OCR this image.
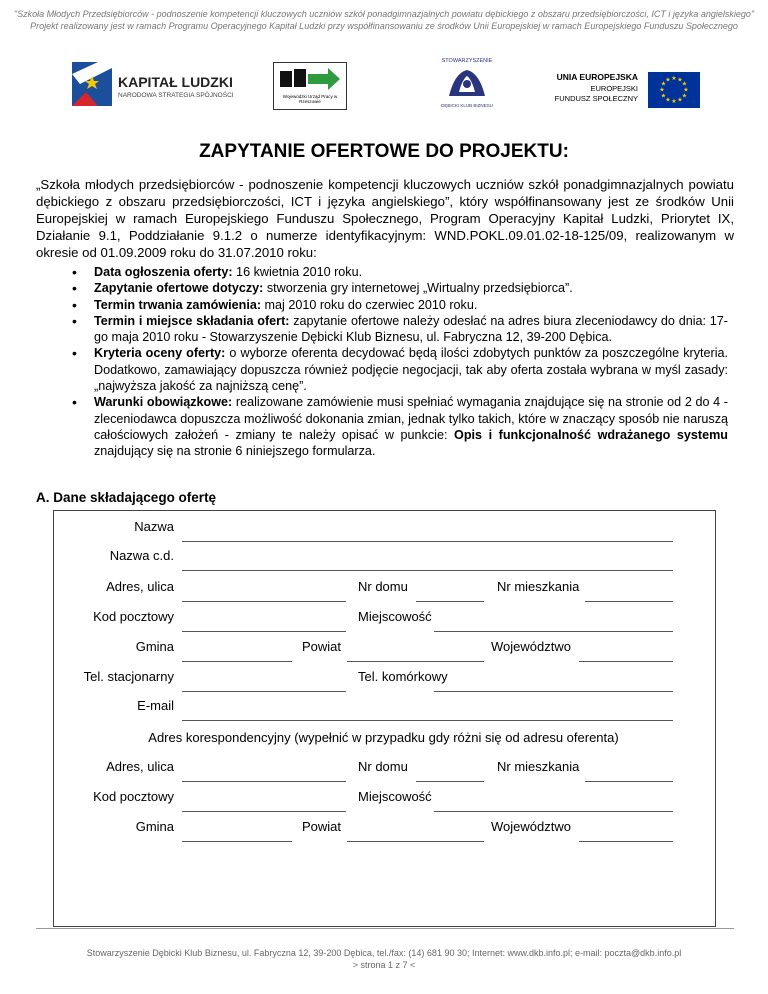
"Szkoła Młodych Przedsiębiorców - podnoszenie kompetencji kluczowych uczniów szkół ponadgimnazjalnych powiatu dębickiego z obszaru przedsiębiorczości, ICT i języka angielskiego"
Projekt realizowany jest w ramach Programu Operacyjnego Kapitał Ludzki przy współfinansowaniu ze środków Unii Europejskiej w ramach Europejskiego Funduszu Społecznego
KAPITAŁ LUDZKI
NARODOWA STRATEGIA SPÓJNOŚCI	Wojewódzki Urząd Pracy w Rzeszowie
STOWARZYSZENIE
DĘBICKI KLUB BIZNESU
UNIA EUROPEJSKA
EUROPEJSKI
FUNDUSZ SPOŁECZNY
★ ★
★
★
★
★
★
★
★
★
★
★
ZAPYTANIE OFERTOWE DO PROJEKTU:

„Szkoła młodych przedsiębiorców - podnoszenie kompetencji kluczowych uczniów szkół ponadgimnazjalnych powiatu dębickiego z obszaru przedsiębiorczości, ICT i języka angielskiego”, który współfinansowany jest ze środków Unii Europejskiej w ramach Europejskiego Funduszu Społecznego, Program Operacyjny Kapitał Ludzki, Priorytet IX, Działanie 9.1, Poddziałanie 9.1.2 o numerze identyfikacyjnym: WND.POKL.09.01.02-18-125/09, realizowanym w okresie od 01.09.2009 roku do 31.07.2010 roku:

• Data ogłoszenia oferty: 16 kwietnia 2010 roku.
• Zapytanie ofertowe dotyczy: stworzenia gry internetowej „Wirtualny przedsiębiorca”.
• Termin trwania zamówienia: maj 2010 roku do czerwiec 2010 roku.
• Termin i miejsce składania ofert: zapytanie ofertowe należy odesłać na adres biura zleceniodawcy do dnia: 17-go maja 2010 roku - Stowarzyszenie Dębicki Klub Biznesu, ul. Fabryczna 12, 39-200 Dębica.
• Kryteria oceny oferty: o wyborze oferenta decydować będą ilości zdobytych punktów za poszczególne kryteria. Dodatkowo, zamawiający dopuszcza również podjęcie negocjacji, tak aby oferta została wybrana w myśl zasady: „najwyższa jakość za najniższą cenę”.
• Warunki obowiązkowe: realizowane zamówienie musi spełniać wymagania znajdujące się na stronie od 2 do 4 - zleceniodawca dopuszcza możliwość dokonania zmian, jednak tylko takich, które w znaczący sposób nie naruszą całościowych założeń - zmiany te należy opisać w punkcie: Opis i funkcjonalność wdrażanego systemu znajdujący się na stronie 6 niniejszego formularza.
A. Dane składającego ofertę
Nazwa
Nazwa c.d.
Adres, ulica	Nr domu	Nr mieszkania
Kod pocztowy	Miejscowość
Gmina	Powiat	Województwo
Tel. stacjonarny	Tel. komórkowy
E-mail
Adres korespondencyjny (wypełnić w przypadku gdy różni się od adresu oferenta)
Adres, ulica	Nr domu	Nr mieszkania
Kod pocztowy	Miejscowość
Gmina	Powiat	Województwo
Stowarzyszenie Dębicki Klub Biznesu, ul. Fabryczna 12, 39-200 Dębica, tel./fax: (14) 681 90 30; Internet: www.dkb.info.pl; e-mail: poczta@dkb.info.pl
> strona 1 z 7 <
